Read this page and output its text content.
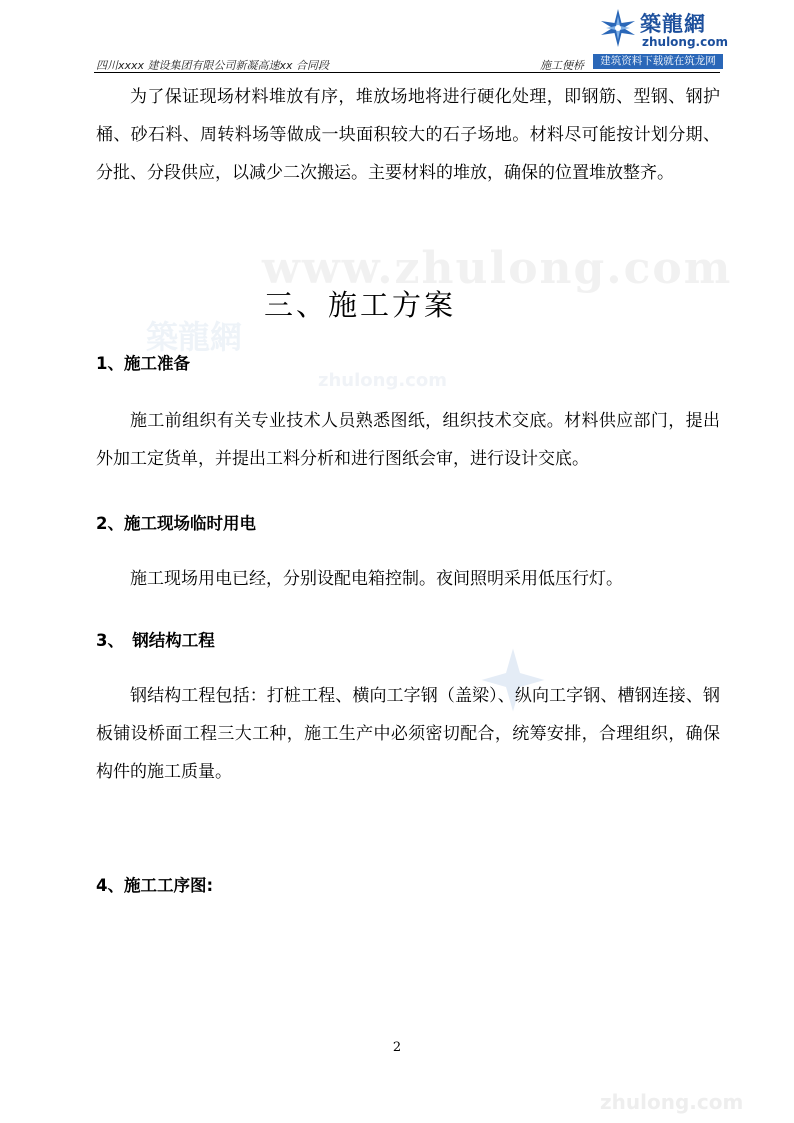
www.zhulong.com
築龍網
zhulong.com
zhulong.com
四川xxxx 建设集团有限公司新凝高速xx 合同段	施工便桥
築龍網
zhulong.com
建筑资料下载就在筑龙网
为了保证现场材料堆放有序，堆放场地将进行硬化处理，即钢筋、型钢、钢护桶、砂石料、周转料场等做成一块面积较大的石子场地。材料尽可能按计划分期、分批、分段供应，以减少二次搬运。主要材料的堆放，确保的位置堆放整齐。
三、施工方案
1、施工准备
施工前组织有关专业技术人员熟悉图纸，组织技术交底。材料供应部门，提出外加工定货单，并提出工料分析和进行图纸会审，进行设计交底。
2、施工现场临时用电
施工现场用电已经，分别设配电箱控制。夜间照明采用低压行灯。
3、　钢结构工程
钢结构工程包括：打桩工程、横向工字钢（盖梁）、纵向工字钢、槽钢连接、钢板铺设桥面工程三大工种，施工生产中必须密切配合，统筹安排，合理组织，确保构件的施工质量。
4、施工工序图:
2
